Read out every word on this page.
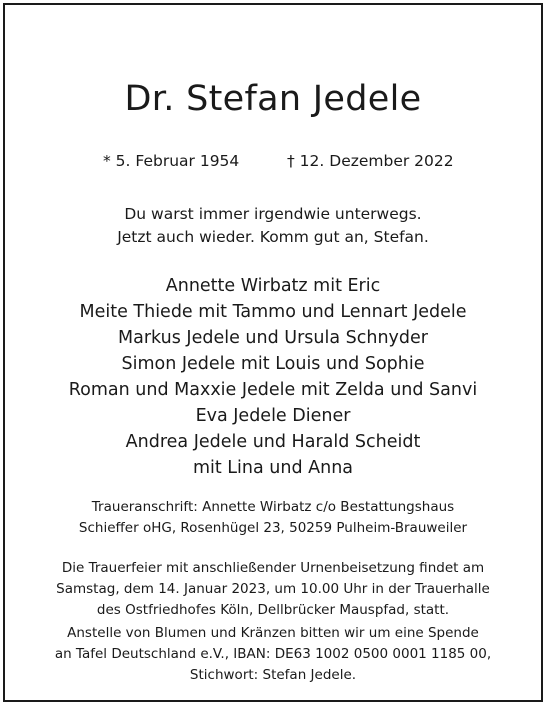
Dr. Stefan Jedele
* 5. Februar 1954	† 12. Dezember 2022
Du warst immer irgendwie unterwegs.
Jetzt auch wieder. Komm gut an, Stefan.
Annette Wirbatz mit Eric
Meite Thiede mit Tammo und Lennart Jedele
Markus Jedele und Ursula Schnyder
Simon Jedele mit Louis und Sophie
Roman und Maxxie Jedele mit Zelda und Sanvi
Eva Jedele Diener
Andrea Jedele und Harald Scheidt
mit Lina und Anna
Traueranschrift: Annette Wirbatz c/o Bestattungshaus
Schieffer oHG, Rosenhügel 23, 50259 Pulheim-Brauweiler
Die Trauerfeier mit anschließender Urnenbeisetzung findet am
Samstag, dem 14. Januar 2023, um 10.00 Uhr in der Trauerhalle
des Ostfriedhofes Köln, Dellbrücker Mauspfad, statt.
Anstelle von Blumen und Kränzen bitten wir um eine Spende
an Tafel Deutschland e.V., IBAN: DE63 1002 0500 0001 1185 00,
Stichwort: Stefan Jedele.
